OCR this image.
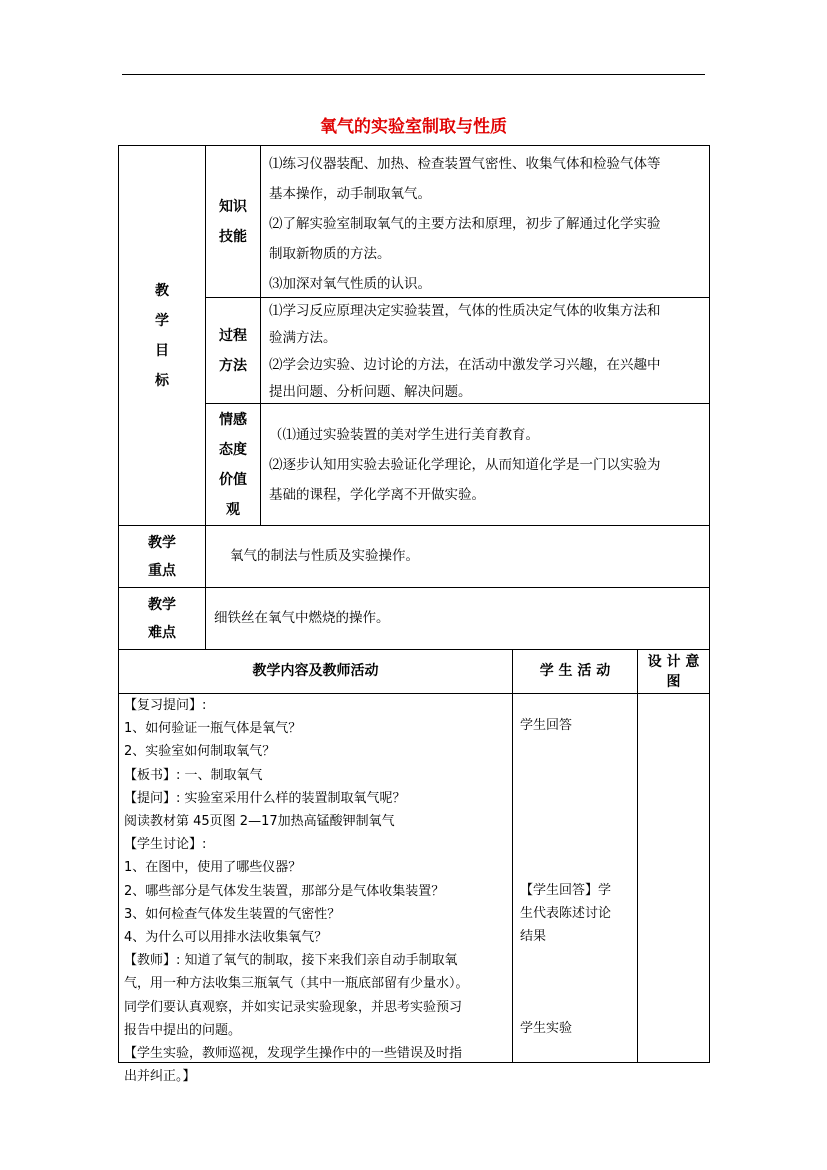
氧气的实验室制取与性质
教
学
目
标
知识
技能
⑴练习仪器装配、加热、检查装置气密性、收集气体和检验气体等
基本操作，动手制取氧气。
⑵了解实验室制取氧气的主要方法和原理，初步了解通过化学实验
制取新物质的方法。
⑶加深对氧气性质的认识。
过程
方法
⑴学习反应原理决定实验装置，气体的性质决定气体的收集方法和
验满方法。
⑵学会边实验、边讨论的方法，在活动中激发学习兴趣，在兴趣中
提出问题、分析问题、解决问题。
情感
态度
价值
观
（⑴通过实验装置的美对学生进行美育教育。
⑵逐步认知用实验去验证化学理论，从而知道化学是一门以实验为
基础的课程，学化学离不开做实验。
教学
重点
氧气的制法与性质及实验操作。
教学
难点
细铁丝在氧气中燃烧的操作。
教学内容及教师活动	学 生 活 动
设 计 意
图
【复习提问】:
1、如何验证一瓶气体是氧气？
2、实验室如何制取氧气？
【板书】: 一、制取氧气
【提问】: 实验室采用什么样的装置制取氧气呢？
阅读教材第 45页图 2—17加热高锰酸钾制氧气
【学生讨论】:
1、在图中，使用了哪些仪器？
2、哪些部分是气体发生装置，那部分是气体收集装置？
3、如何检查气体发生装置的气密性？
4、为什么可以用排水法收集氧气？
【教师】: 知道了氧气的制取，接下来我们亲自动手制取氧
气，用一种方法收集三瓶氧气（其中一瓶底部留有少量水）。
同学们要认真观察，并如实记录实验现象，并思考实验预习
报告中提出的问题。
【学生实验，教师巡视，发现学生操作中的一些错误及时指
出并纠正。】
学生回答
【学生回答】学
生代表陈述讨论
结果
学生实验
